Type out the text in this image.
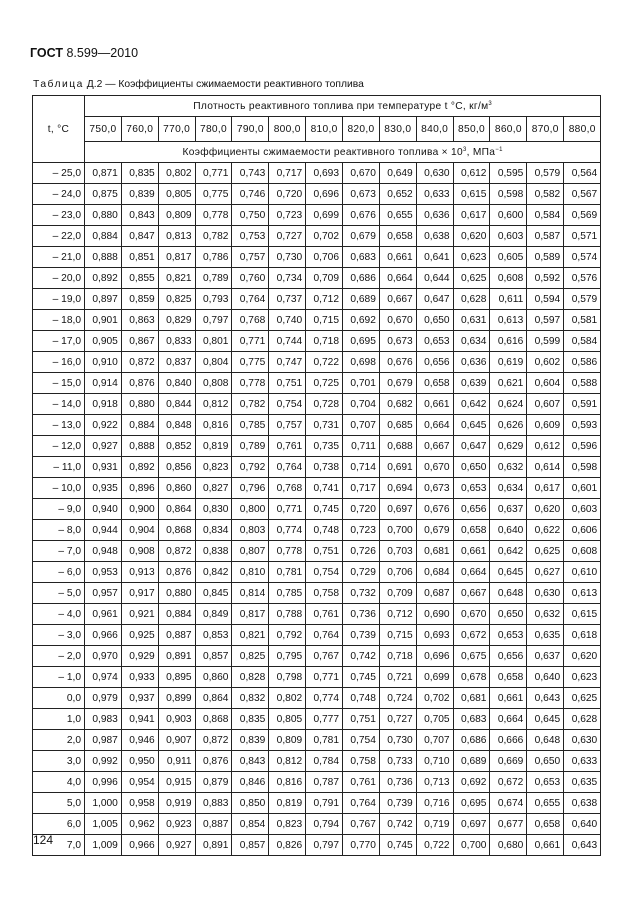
ГОСТ 8.599—2010
Таблица Д.2 — Коэффициенты сжимаемости реактивного топлива
t, °C	Плотность реактивного топлива при температуре t °C, $кг/м^3$
	750,0	760,0	770,0	780,0	790,0	800,0	810,0	820,0	830,0	840,0	850,0	860,0	870,0	880,0
	Коэффициенты сжимаемости реактивного топлива × $10^3$, МПа$^{-1}$
– 25,0	0,871	0,835	0,802	0,771	0,743	0,717	0,693	0,670	0,649	0,630	0,612	0,595	0,579	0,564
– 24,0	0,875	0,839	0,805	0,775	0,746	0,720	0,696	0,673	0,652	0,633	0,615	0,598	0,582	0,567
– 23,0	0,880	0,843	0,809	0,778	0,750	0,723	0,699	0,676	0,655	0,636	0,617	0,600	0,584	0,569
– 22,0	0,884	0,847	0,813	0,782	0,753	0,727	0,702	0,679	0,658	0,638	0,620	0,603	0,587	0,571
– 21,0	0,888	0,851	0,817	0,786	0,757	0,730	0,706	0,683	0,661	0,641	0,623	0,605	0,589	0,574
– 20,0	0,892	0,855	0,821	0,789	0,760	0,734	0,709	0,686	0,664	0,644	0,625	0,608	0,592	0,576
– 19,0	0,897	0,859	0,825	0,793	0,764	0,737	0,712	0,689	0,667	0,647	0,628	0,611	0,594	0,579
– 18,0	0,901	0,863	0,829	0,797	0,768	0,740	0,715	0,692	0,670	0,650	0,631	0,613	0,597	0,581
– 17,0	0,905	0,867	0,833	0,801	0,771	0,744	0,718	0,695	0,673	0,653	0,634	0,616	0,599	0,584
– 16,0	0,910	0,872	0,837	0,804	0,775	0,747	0,722	0,698	0,676	0,656	0,636	0,619	0,602	0,586
– 15,0	0,914	0,876	0,840	0,808	0,778	0,751	0,725	0,701	0,679	0,658	0,639	0,621	0,604	0,588
– 14,0	0,918	0,880	0,844	0,812	0,782	0,754	0,728	0,704	0,682	0,661	0,642	0,624	0,607	0,591
– 13,0	0,922	0,884	0,848	0,816	0,785	0,757	0,731	0,707	0,685	0,664	0,645	0,626	0,609	0,593
– 12,0	0,927	0,888	0,852	0,819	0,789	0,761	0,735	0,711	0,688	0,667	0,647	0,629	0,612	0,596
– 11,0	0,931	0,892	0,856	0,823	0,792	0,764	0,738	0,714	0,691	0,670	0,650	0,632	0,614	0,598
– 10,0	0,935	0,896	0,860	0,827	0,796	0,768	0,741	0,717	0,694	0,673	0,653	0,634	0,617	0,601
– 9,0	0,940	0,900	0,864	0,830	0,800	0,771	0,745	0,720	0,697	0,676	0,656	0,637	0,620	0,603
– 8,0	0,944	0,904	0,868	0,834	0,803	0,774	0,748	0,723	0,700	0,679	0,658	0,640	0,622	0,606
– 7,0	0,948	0,908	0,872	0,838	0,807	0,778	0,751	0,726	0,703	0,681	0,661	0,642	0,625	0,608
– 6,0	0,953	0,913	0,876	0,842	0,810	0,781	0,754	0,729	0,706	0,684	0,664	0,645	0,627	0,610
– 5,0	0,957	0,917	0,880	0,845	0,814	0,785	0,758	0,732	0,709	0,687	0,667	0,648	0,630	0,613
– 4,0	0,961	0,921	0,884	0,849	0,817	0,788	0,761	0,736	0,712	0,690	0,670	0,650	0,632	0,615
– 3,0	0,966	0,925	0,887	0,853	0,821	0,792	0,764	0,739	0,715	0,693	0,672	0,653	0,635	0,618
– 2,0	0,970	0,929	0,891	0,857	0,825	0,795	0,767	0,742	0,718	0,696	0,675	0,656	0,637	0,620
– 1,0	0,974	0,933	0,895	0,860	0,828	0,798	0,771	0,745	0,721	0,699	0,678	0,658	0,640	0,623
0,0	0,979	0,937	0,899	0,864	0,832	0,802	0,774	0,748	0,724	0,702	0,681	0,661	0,643	0,625
1,0	0,983	0,941	0,903	0,868	0,835	0,805	0,777	0,751	0,727	0,705	0,683	0,664	0,645	0,628
2,0	0,987	0,946	0,907	0,872	0,839	0,809	0,781	0,754	0,730	0,707	0,686	0,666	0,648	0,630
3,0	0,992	0,950	0,911	0,876	0,843	0,812	0,784	0,758	0,733	0,710	0,689	0,669	0,650	0,633
4,0	0,996	0,954	0,915	0,879	0,846	0,816	0,787	0,761	0,736	0,713	0,692	0,672	0,653	0,635
5,0	1,000	0,958	0,919	0,883	0,850	0,819	0,791	0,764	0,739	0,716	0,695	0,674	0,655	0,638
6,0	1,005	0,962	0,923	0,887	0,854	0,823	0,794	0,767	0,742	0,719	0,697	0,677	0,658	0,640
7,0	1,009	0,966	0,927	0,891	0,857	0,826	0,797	0,770	0,745	0,722	0,700	0,680	0,661	0,643
124
